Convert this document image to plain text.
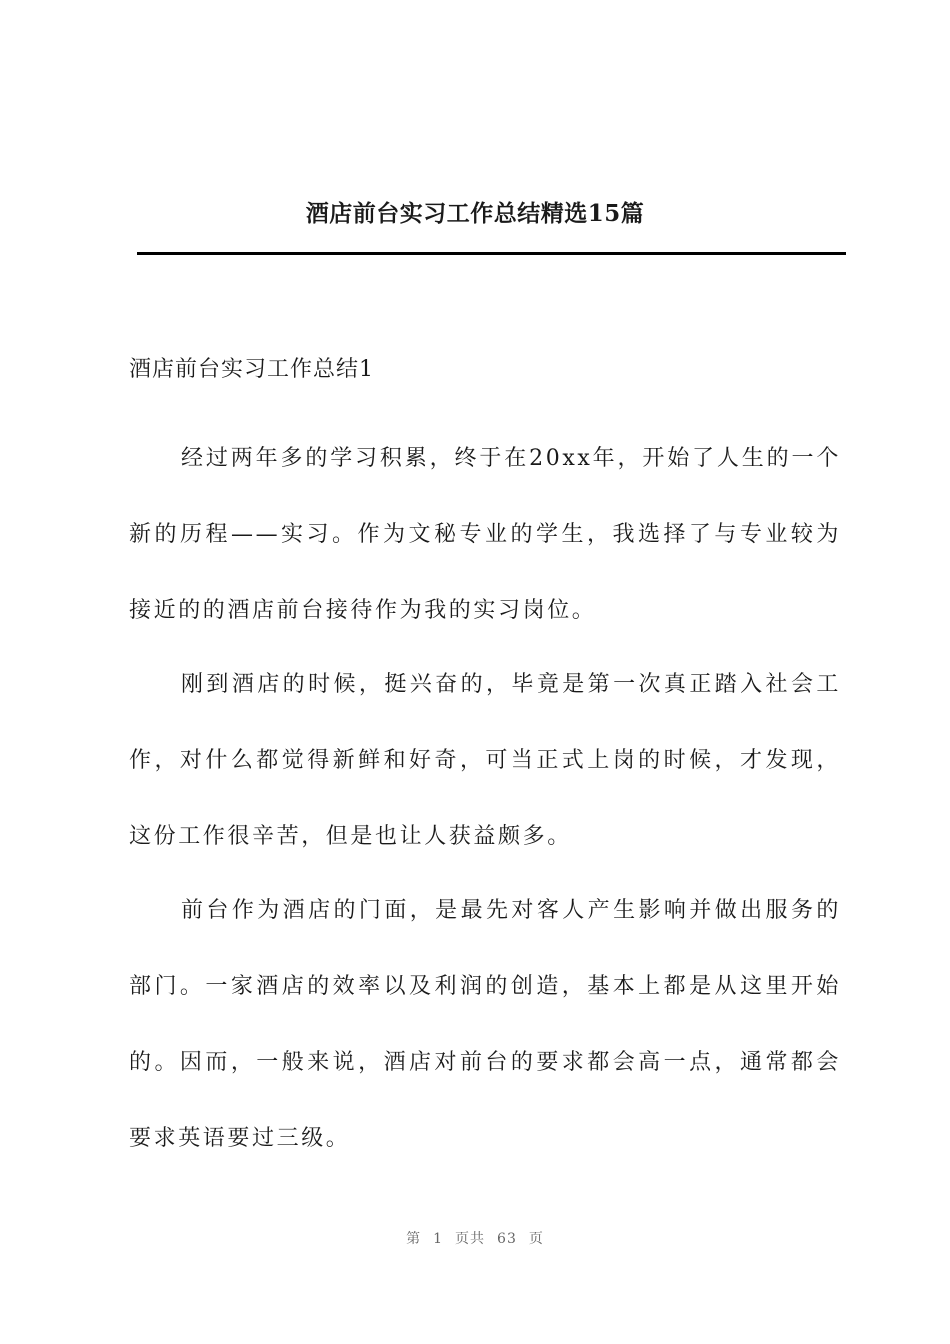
酒店前台实习工作总结精选15篇

酒店前台实习工作总结1

经过两年多的学习积累，终于在20xx年，开始了人生的一个新的历程——实习。作为文秘专业的学生，我选择了与专业较为接近的的酒店前台接待作为我的实习岗位。

刚到酒店的时候，挺兴奋的，毕竟是第一次真正踏入社会工作，对什么都觉得新鲜和好奇，可当正式上岗的时候，才发现，这份工作很辛苦，但是也让人获益颇多。

前台作为酒店的门面，是最先对客人产生影响并做出服务的部门。一家酒店的效率以及利润的创造，基本上都是从这里开始的。因而，一般来说，酒店对前台的要求都会高一点，通常都会要求英语要过三级。

第 1 页共 63 页
